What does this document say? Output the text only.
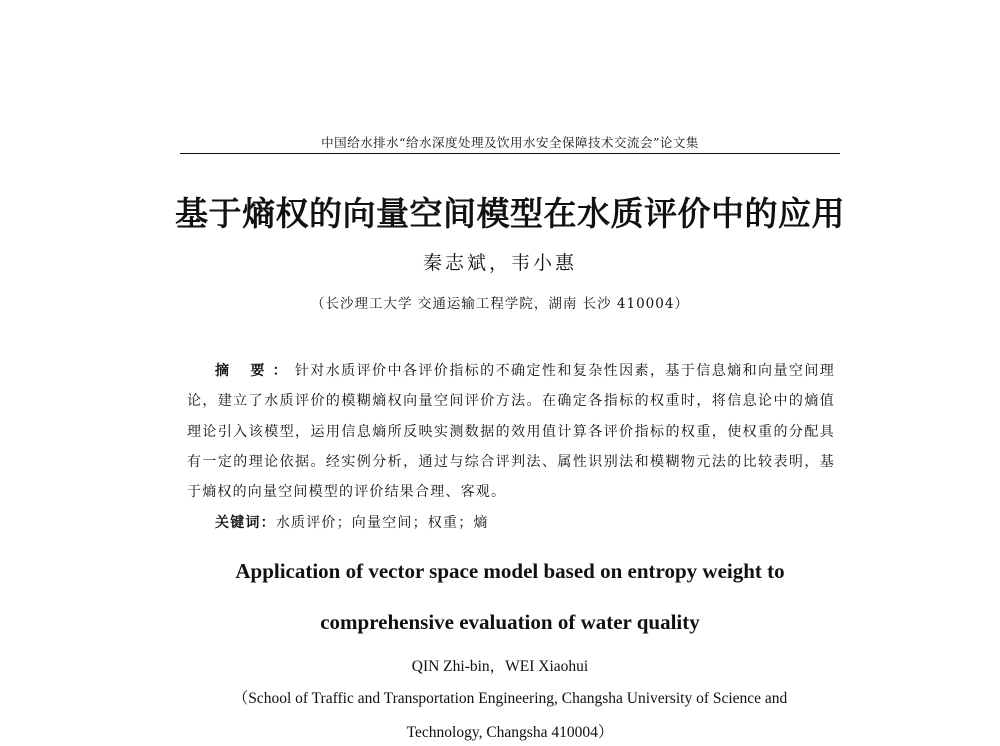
中国给水排水“给水深度处理及饮用水安全保障技术交流会”论文集
基于熵权的向量空间模型在水质评价中的应用
秦志斌，韦小惠
（长沙理工大学 交通运输工程学院，湖南 长沙 410004）
摘 要：针对水质评价中各评价指标的不确定性和复杂性因素，基于信息熵和向量空间理论，建立了水质评价的模糊熵权向量空间评价方法。在确定各指标的权重时，将信息论中的熵值理论引入该模型，运用信息熵所反映实测数据的效用值计算各评价指标的权重，使权重的分配具有一定的理论依据。经实例分析，通过与综合评判法、属性识别法和模糊物元法的比较表明，基于熵权的向量空间模型的评价结果合理、客观。
关键词：水质评价；向量空间；权重；熵
Application of vector space model based on entropy weight to
comprehensive evaluation of water quality
QIN Zhi-bin，WEI Xiaohui
（School of Traffic and Transportation Engineering, Changsha University of Science and
Technology, Changsha 410004）
